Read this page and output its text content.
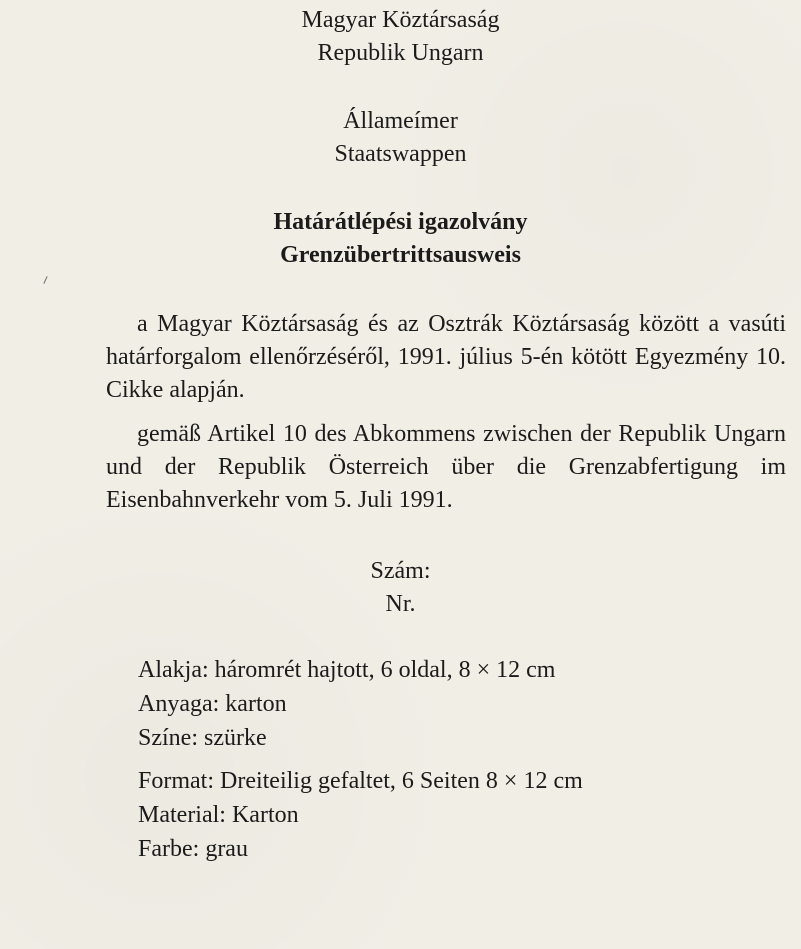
Magyar Köztársaság
Republik Ungarn
Állameímer
Staatswappen
Határátlépési igazolvány
Grenzübertrittsausweis

a Magyar Köztársaság és az Osztrák Köztársaság között a vasúti határforgalom ellenőrzéséről, 1991. július 5-én kötött Egyezmény 10. Cikke alapján.

gemäß Artikel 10 des Abkommens zwischen der Republik Ungarn und der Republik Österreich über die Grenzabfertigung im Eisenbahnverkehr vom 5. Juli 1991.

Szám:
Nr.
Alakja: háromrét hajtott, 6 oldal, 8 × 12 cm
Anyaga: karton
Színe: szürke
Format: Dreiteilig gefaltet, 6 Seiten 8 × 12 cm
Material: Karton
Farbe: grau
